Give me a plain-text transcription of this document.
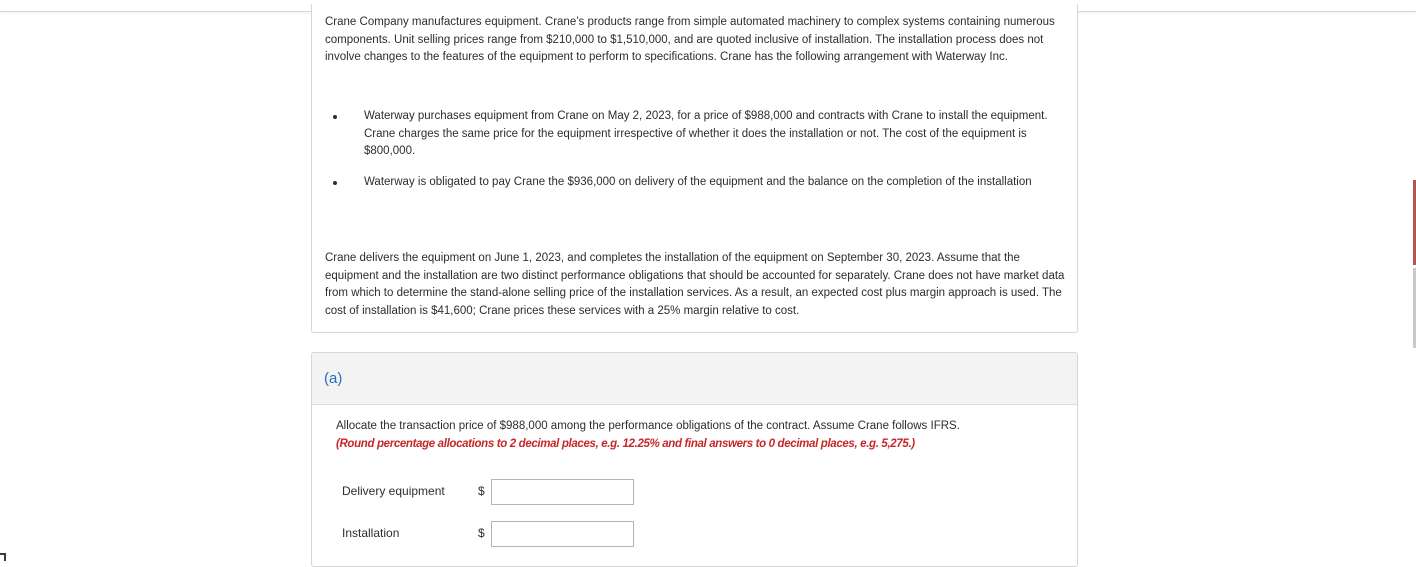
Crane Company manufactures equipment. Crane’s products range from simple automated machinery to complex systems containing numerous components. Unit selling prices range from $210,000 to $1,510,000, and are quoted inclusive of installation. The installation process does not involve changes to the features of the equipment to perform to specifications. Crane has the following arrangement with Waterway Inc.

Waterway purchases equipment from Crane on May 2, 2023, for a price of $988,000 and contracts with Crane to install the equipment. Crane charges the same price for the equipment irrespective of whether it does the installation or not. The cost of the equipment is $800,000.
Waterway is obligated to pay Crane the $936,000 on delivery of the equipment and the balance on the completion of the installation

Crane delivers the equipment on June 1, 2023, and completes the installation of the equipment on September 30, 2023. Assume that the equipment and the installation are two distinct performance obligations that should be accounted for separately. Crane does not have market data from which to determine the stand-alone selling price of the installation services. As a result, an expected cost plus margin approach is used. The cost of installation is $41,600; Crane prices these services with a 25% margin relative to cost.

(a)
Allocate the transaction price of $988,000 among the performance obligations of the contract. Assume Crane follows IFRS.
(Round percentage allocations to 2 decimal places, e.g. 12.25% and final answers to 0 decimal places, e.g. 5,275.)
Delivery equipment	$
Installation	$
